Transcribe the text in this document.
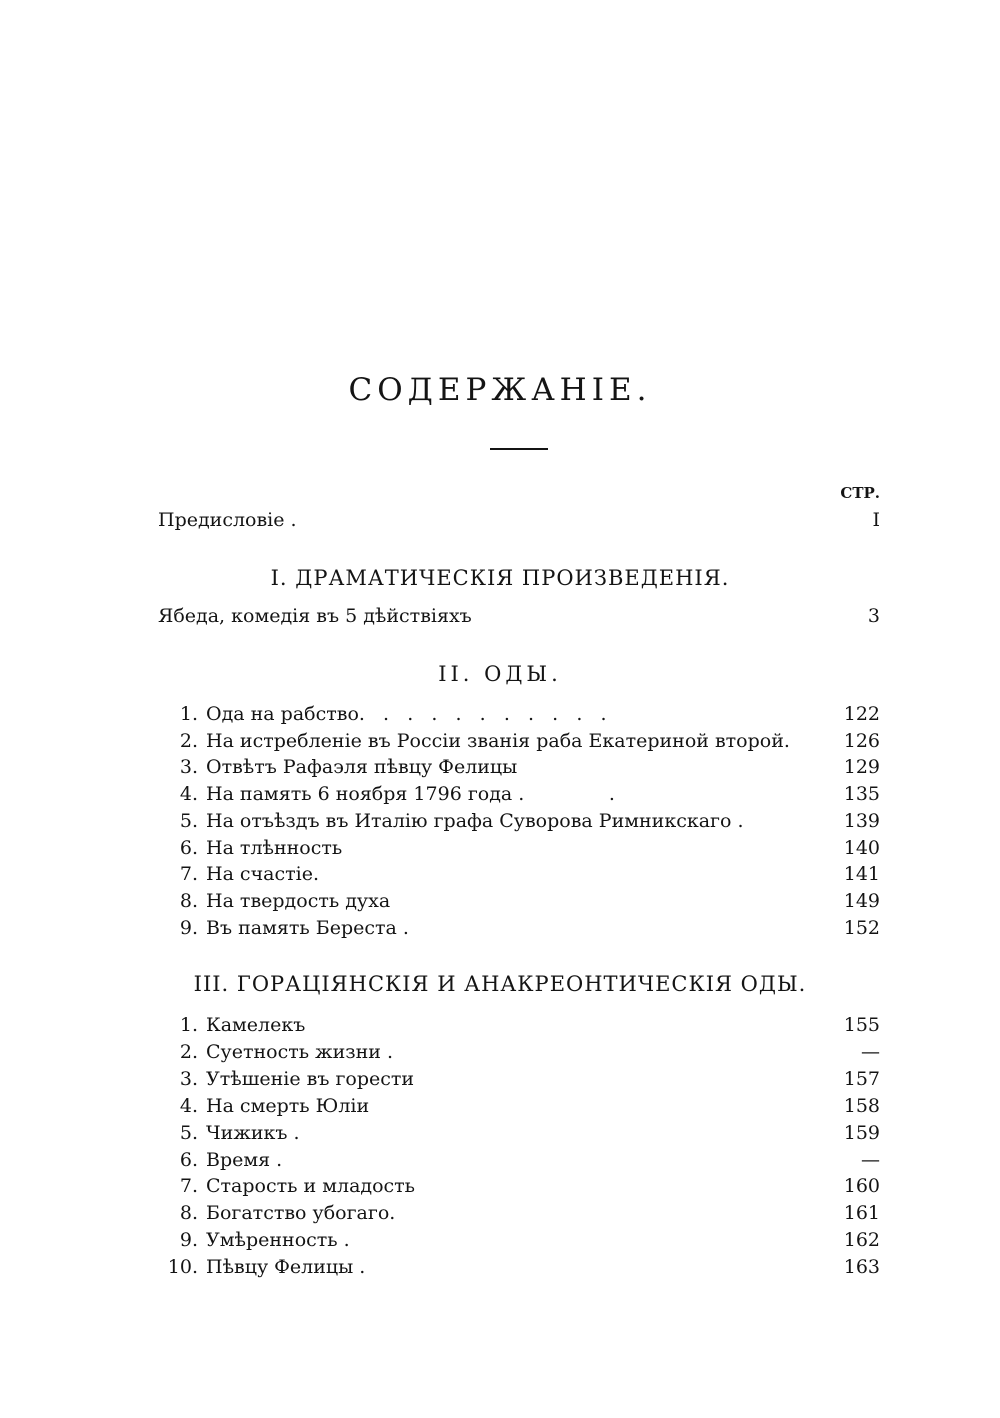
СОДЕРЖАНІЕ.
СТР.
Предисловіе .	I
I. ДРАМАТИЧЕСКІЯ ПРОИЗВЕДЕНІЯ.
Ябеда, комедія въ 5 дѣйствіяхъ	3
II. ОДЫ.
1. Ода на рабство.   .   .   .   .   .   .   .   .   .   .	122
2. На истребленіе въ Россіи званія раба Екатериной второй.	126
3. Отвѣтъ Рафаэля пѣвцу Фелицы	129
4. На память 6 ноября 1796 года .              .	135
5. На отъѣздъ въ Италію графа Суворова Римникскаго .	139
6. На тлѣнность	140
7. На счастіе.	141
8. На твердость духа	149
9. Въ память Береста .	152
III. ГОРАЦІЯНСКІЯ И АНАКРЕОНТИЧЕСКІЯ ОДЫ.
1. Камелекъ	155
2. Суетность жизни .	—
3. Утѣшеніе въ горести	157
4. На смерть Юліи	158
5. Чижикъ .	159
6. Время .	—
7. Старость и младость	160
8. Богатство убогаго.	161
9. Умѣренность .	162
10. Пѣвцу Фелицы .	163
